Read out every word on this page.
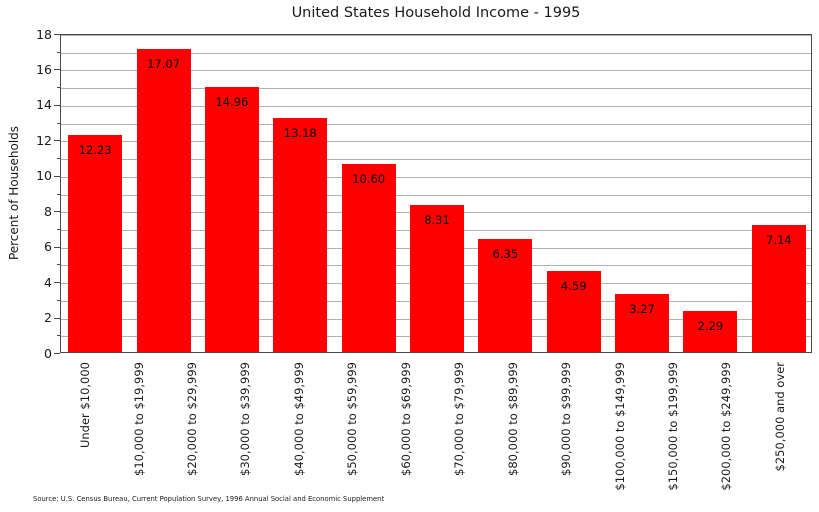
United States Household Income - 1995
Percent of Households	12.23
17.07
14.96
13.18
10.60
8.31
6.35
4.59
3.27
2.29
7.14
0
2
4
6
8
10
12
14
16
18
Under $10,000	$10,000 to $19,999	$20,000 to $29,999	$30,000 to $39,999	$40,000 to $49,999	$50,000 to $59,999	$60,000 to $69,999	$70,000 to $79,999	$80,000 to $89,999	$90,000 to $99,999	$100,000 to $149,999	$150,000 to $199,999	$200,000 to $249,999	$250,000 and over
Source: U.S. Census Bureau, Current Population Survey, 1996 Annual Social and Economic Supplement
